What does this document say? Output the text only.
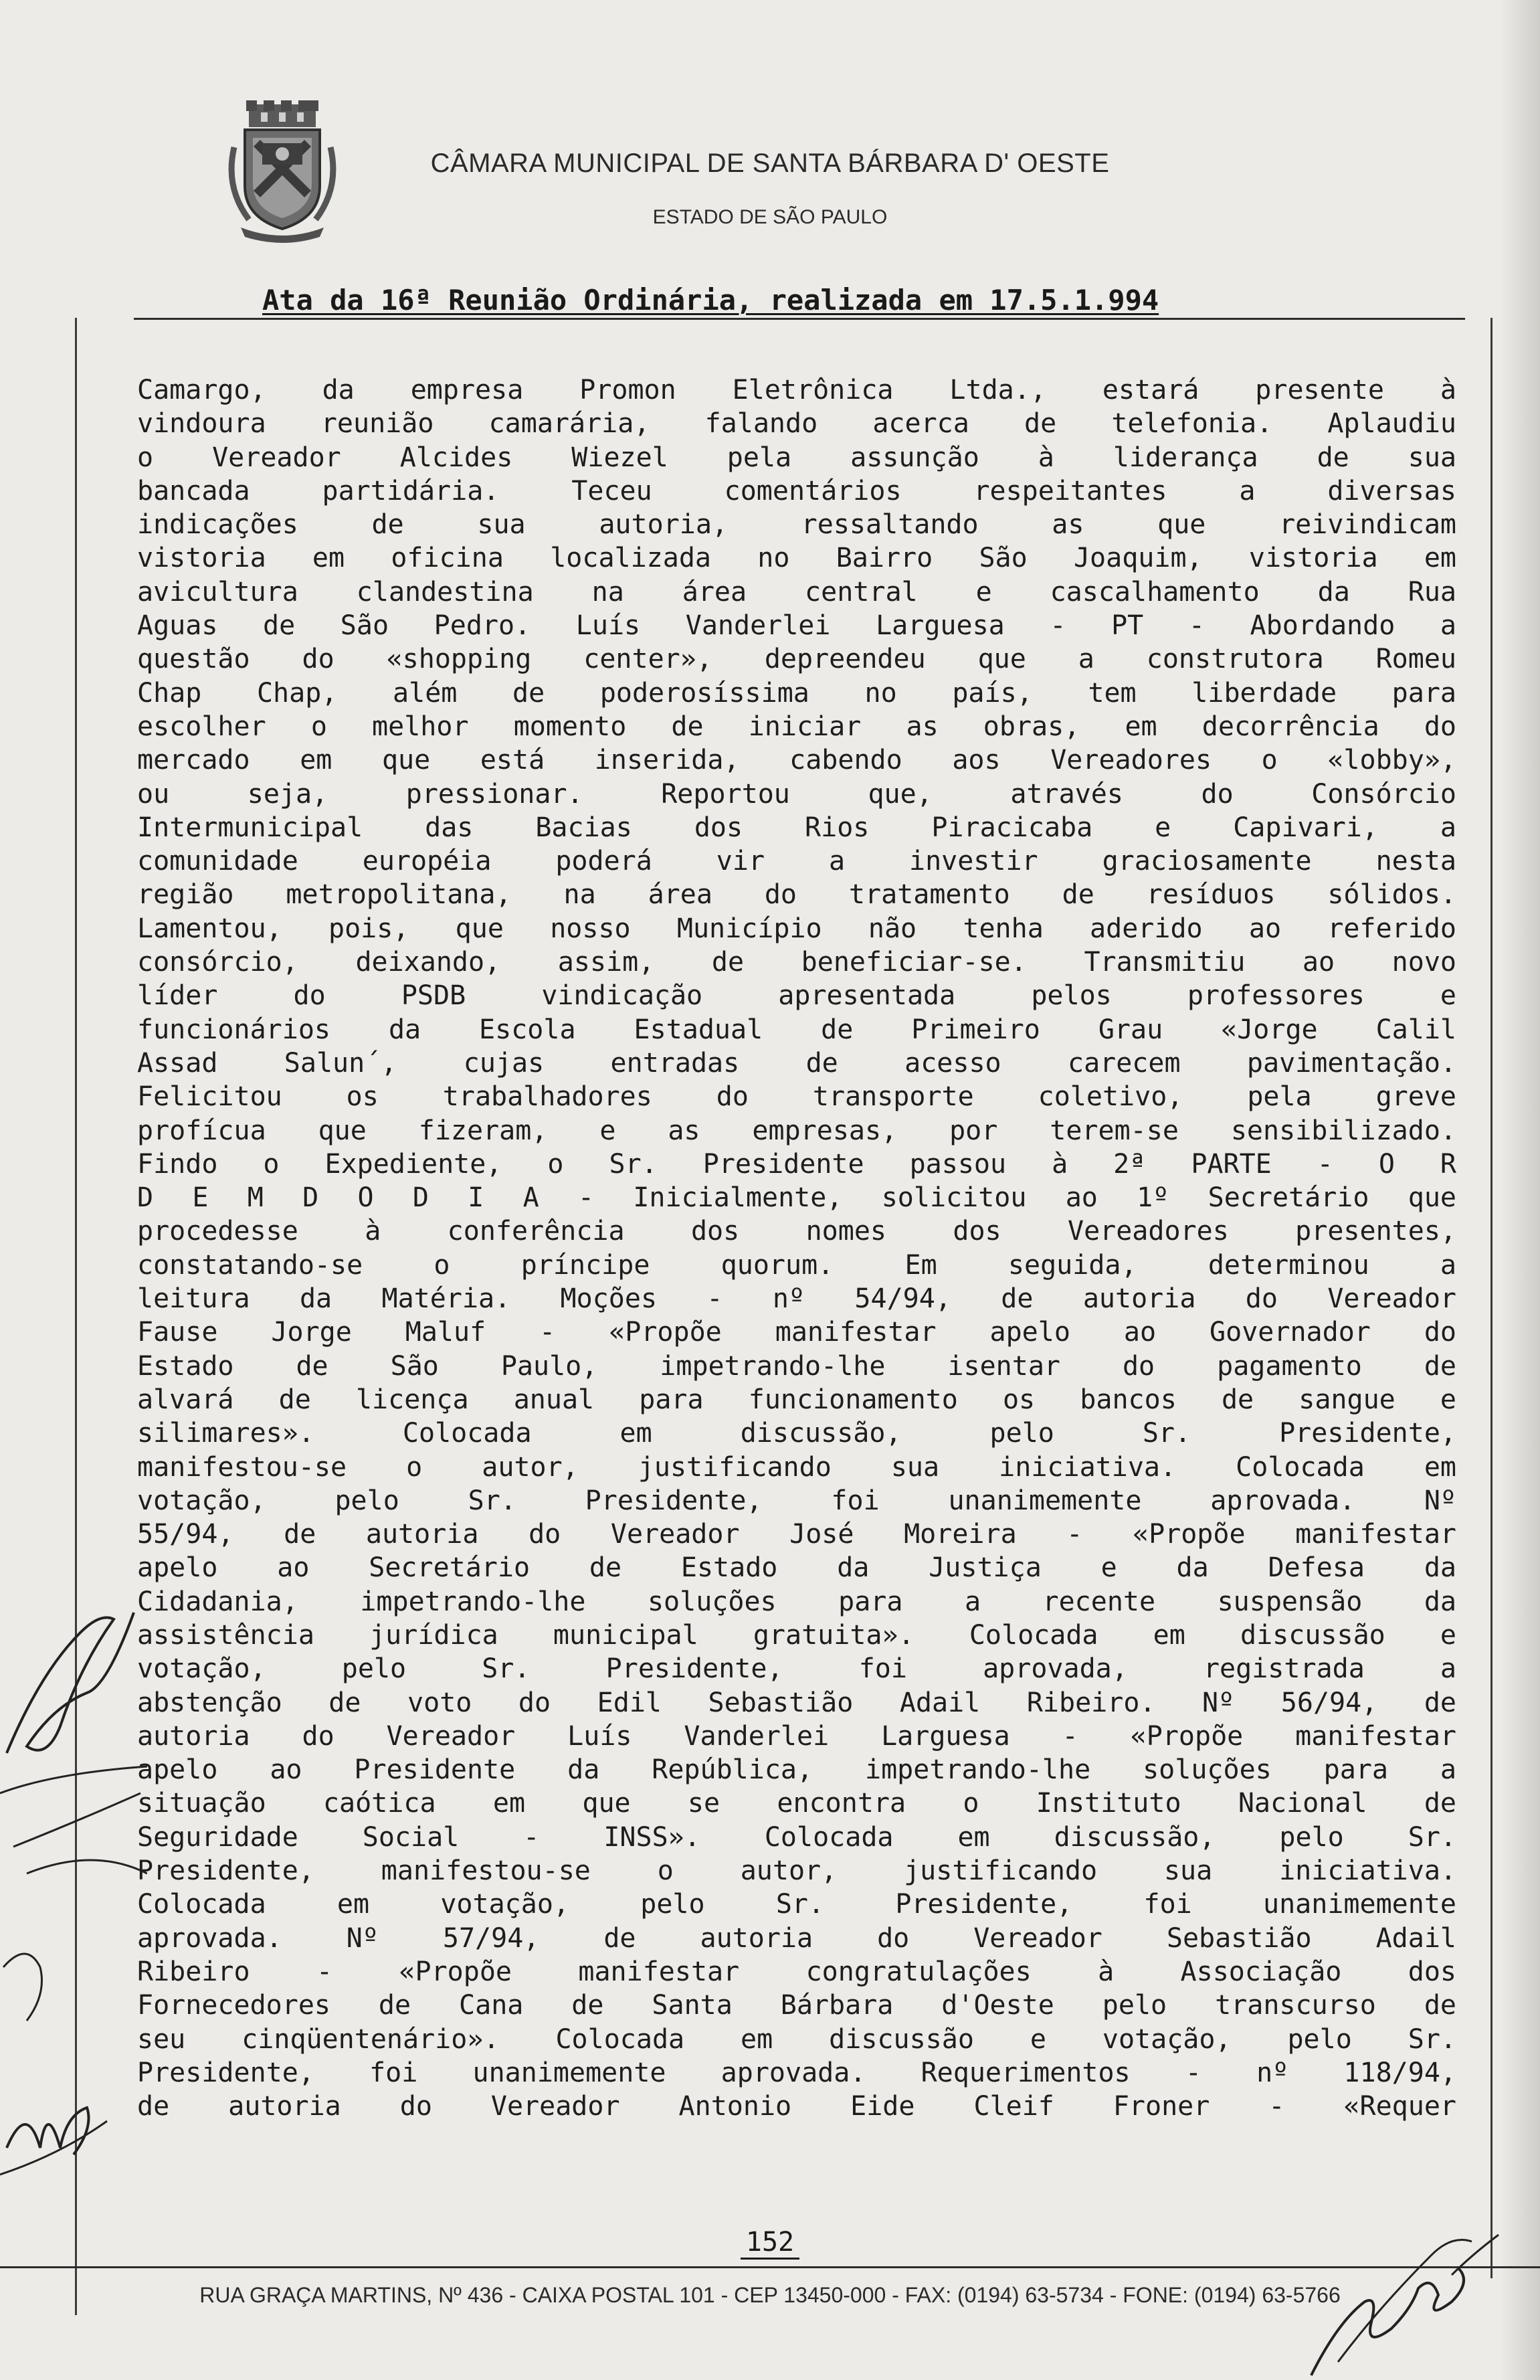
CÂMARA MUNICIPAL DE SANTA BÁRBARA D' OESTE
ESTADO DE SÃO PAULO
Ata da 16ª Reunião Ordinária, realizada em 17.5.1.994
Camargo, da empresa Promon Eletrônica Ltda., estará presente à
vindoura reunião camarária, falando acerca de telefonia. Aplaudiu
o Vereador Alcides Wiezel pela assunção à liderança de sua
bancada partidária. Teceu comentários respeitantes a diversas
indicações de sua autoria, ressaltando as que reivindicam
vistoria em oficina localizada no Bairro São Joaquim, vistoria em
avicultura clandestina na área central e cascalhamento da Rua
Aguas de São Pedro. Luís Vanderlei Larguesa - PT - Abordando a
questão do «shopping center», depreendeu que a construtora Romeu
Chap Chap, além de poderosíssima no país, tem liberdade para
escolher o melhor momento de iniciar as obras, em decorrência do
mercado em que está inserida, cabendo aos Vereadores o «lobby»,
ou seja, pressionar. Reportou que, através do Consórcio
Intermunicipal das Bacias dos Rios Piracicaba e Capivari, a
comunidade européia poderá vir a investir graciosamente nesta
região metropolitana, na área do tratamento de resíduos sólidos.
Lamentou, pois, que nosso Município não tenha aderido ao referido
consórcio, deixando, assim, de beneficiar-se. Transmitiu ao novo
líder do PSDB vindicação apresentada pelos professores e
funcionários da Escola Estadual de Primeiro Grau «Jorge Calil
Assad Salun´, cujas entradas de acesso carecem pavimentação.
Felicitou os trabalhadores do transporte coletivo, pela greve
profícua que fizeram, e as empresas, por terem-se sensibilizado.
Findo o Expediente, o Sr. Presidente passou à 2ª PARTE - O R
D E M D O D I A - Inicialmente, solicitou ao 1º Secretário que
procedesse à conferência dos nomes dos Vereadores presentes,
constatando-se o príncipe quorum. Em seguida, determinou a
leitura da Matéria. Moções - nº 54/94, de autoria do Vereador
Fause Jorge Maluf - «Propõe manifestar apelo ao Governador do
Estado de São Paulo, impetrando-lhe isentar do pagamento de
alvará de licença anual para funcionamento os bancos de sangue e
silimares». Colocada em discussão, pelo Sr. Presidente,
manifestou-se o autor, justificando sua iniciativa. Colocada em
votação, pelo Sr. Presidente, foi unanimemente aprovada. Nº
55/94, de autoria do Vereador José Moreira - «Propõe manifestar
apelo ao Secretário de Estado da Justiça e da Defesa da
Cidadania, impetrando-lhe soluções para a recente suspensão da
assistência jurídica municipal gratuita». Colocada em discussão e
votação, pelo Sr. Presidente, foi aprovada, registrada a
abstenção de voto do Edil Sebastião Adail Ribeiro. Nº 56/94, de
autoria do Vereador Luís Vanderlei Larguesa - «Propõe manifestar
apelo ao Presidente da República, impetrando-lhe soluções para a
situação caótica em que se encontra o Instituto Nacional de
Seguridade Social - INSS». Colocada em discussão, pelo Sr.
Presidente, manifestou-se o autor, justificando sua iniciativa.
Colocada em votação, pelo Sr. Presidente, foi unanimemente
aprovada. Nº 57/94, de autoria do Vereador Sebastião Adail
Ribeiro - «Propõe manifestar congratulações à Associação dos
Fornecedores de Cana de Santa Bárbara d'Oeste pelo transcurso de
seu cinqüentenário». Colocada em discussão e votação, pelo Sr.
Presidente, foi unanimemente aprovada. Requerimentos - nº 118/94,
de autoria do Vereador Antonio Eide Cleif Froner - «Requer
152
RUA GRAÇA MARTINS, Nº 436 - CAIXA POSTAL 101 - CEP 13450-000 - FAX: (0194) 63-5734 - FONE: (0194) 63-5766
